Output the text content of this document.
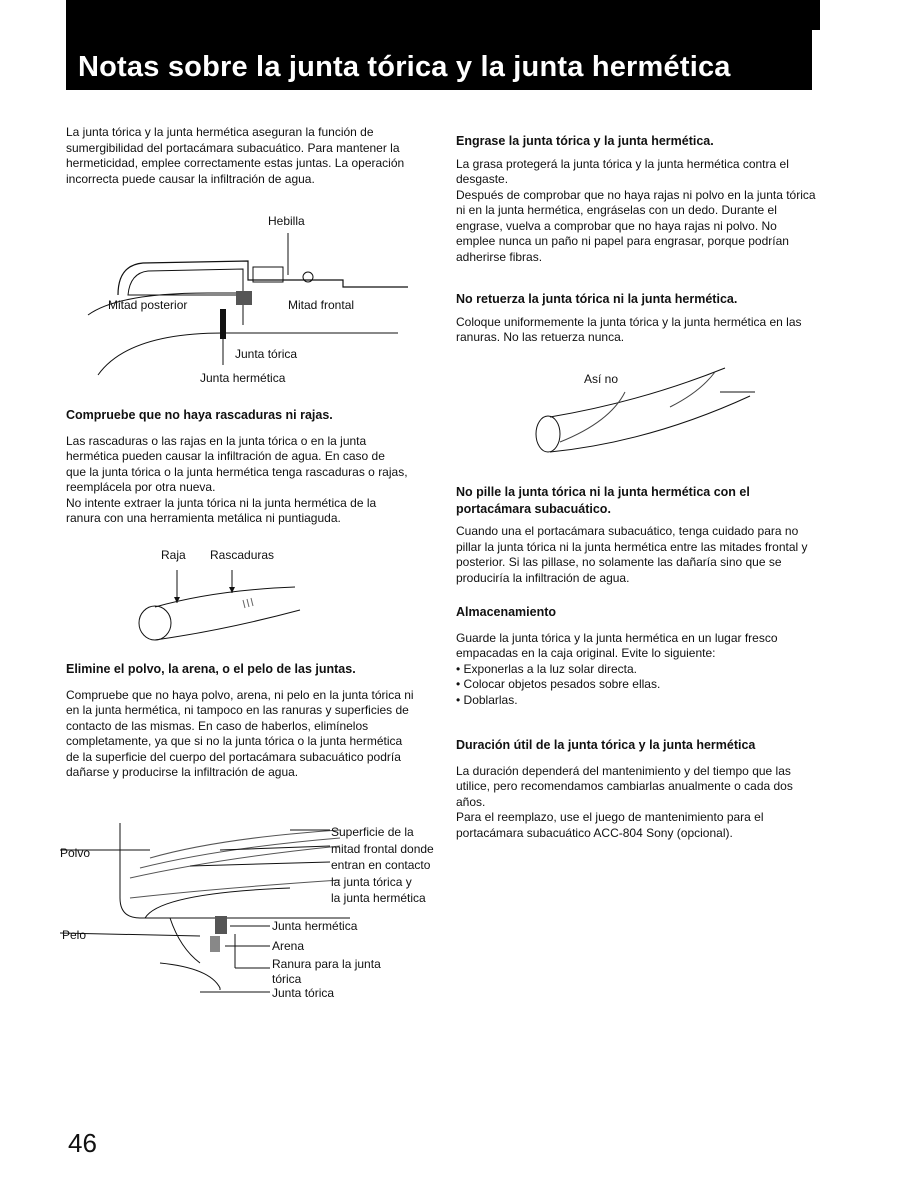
Notas sobre la junta tórica y la junta hermética

La junta tórica y la junta hermética aseguran la función de sumergibilidad del portacámara subacuático. Para mantener la hermeticidad, emplee correctamente estas juntas. La operación incorrecta puede causar la infiltración de agua.

Hebilla
Mitad posterior	Mitad frontal
Junta tórica
Junta hermética

Compruebe que no haya rascaduras ni rajas.

Las rascaduras o las rajas en la junta tórica o en la junta hermética pueden causar la infiltración de agua. En caso de que la junta tórica o la junta hermética tenga rascaduras o rajas, reemplácela por otra nueva.

No intente extraer la junta tórica ni la junta hermética de la ranura con una herramienta metálica ni puntiaguda.

Raja Rascaduras

Elimine el polvo, la arena, o el pelo de las juntas.

Compruebe que no haya polvo, arena, ni pelo en la junta tórica ni en la junta hermética, ni tampoco en las ranuras y superficies de contacto de las mismas. En caso de haberlos, elimínelos completamente, ya que si no la junta tórica o la junta hermética de la superficie del cuerpo del portacámara subacuático podría dañarse y producirse la infiltración de agua.

Polvo
Pelo
Superficie de la
mitad frontal donde
entran en contacto
la junta tórica y
la junta hermética
Junta hermética
Arena
Ranura para la junta
tórica
Junta tórica

Engrase la junta tórica y la junta hermética.

La grasa protegerá la junta tórica y la junta hermética contra el desgaste.

Después de comprobar que no haya rajas ni polvo en la junta tórica ni en la junta hermética, engráselas con un dedo. Durante el engrase, vuelva a comprobar que no haya rajas ni polvo. No emplee nunca un paño ni papel para engrasar, porque podrían adherirse fibras.

No retuerza la junta tórica ni la junta hermética.

Coloque uniformemente la junta tórica y la junta hermética en las ranuras. No las retuerza nunca.

Así no

No pille la junta tórica ni la junta hermética con el portacámara subacuático.

Cuando una el portacámara subacuático, tenga cuidado para no pillar la junta tórica ni la junta hermética entre las mitades frontal y posterior. Si las pillase, no solamente las dañaría sino que se produciría la infiltración de agua.

Almacenamiento

Guarde la junta tórica y la junta hermética en un lugar fresco empacadas en la caja original. Evite lo siguiente:

• Exponerlas a la luz solar directa.

• Colocar objetos pesados sobre ellas.

• Doblarlas.

Duración útil de la junta tórica y la junta hermética

La duración dependerá del mantenimiento y del tiempo que las utilice, pero recomendamos cambiarlas anualmente o cada dos años.

Para el reemplazo, use el juego de mantenimiento para el portacámara subacuático ACC-804 Sony (opcional).

46
